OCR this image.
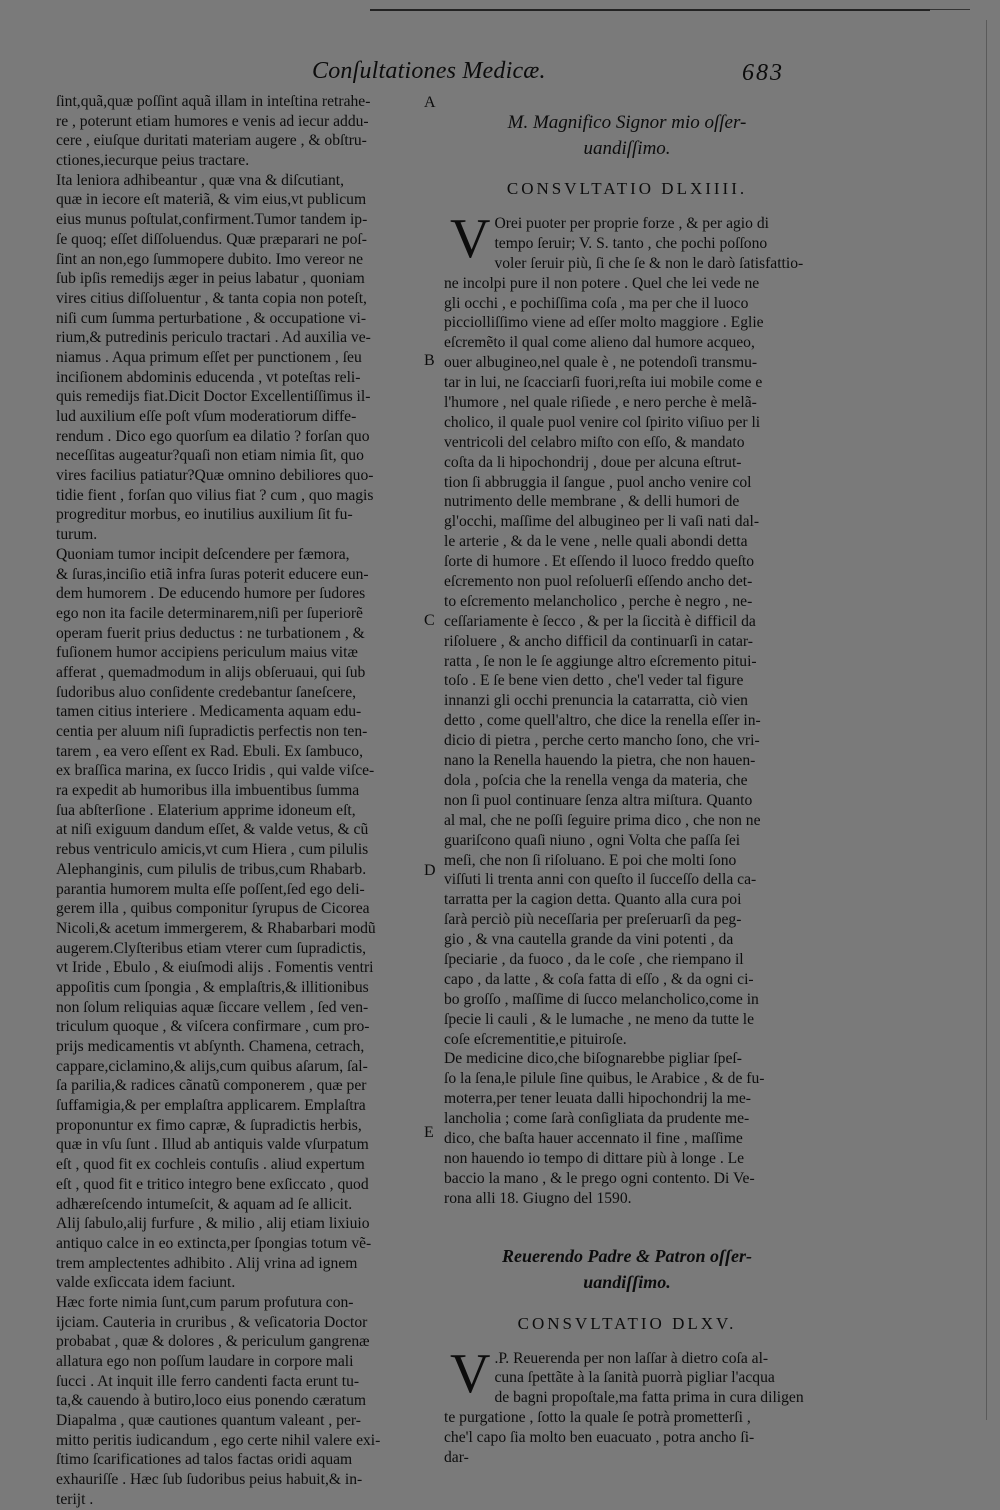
Conſultationes Medicæ.	683
ſint,quã,quæ poſſint aquã illam in inteſtina retrahe-
re , poterunt etiam humores e venis ad iecur addu-
cere , eiuſque duritati materiam augere , & obſtru-
ctiones,iecurque peius tractare.
Ita leniora adhibeantur , quæ vna & diſcutiant,
quæ in iecore eſt materiã, & vim eius,vt publicum
eius munus poſtulat,confirment.Tumor tandem ip-
ſe quoq; eſſet diſſoluendus. Quæ præparari ne poſ-
ſint an non,ego ſummopere dubito. Imo vereor ne
ſub ipſis remedijs æger in peius labatur , quoniam
vires citius diſſoluentur , & tanta copia non poteſt,
niſi cum ſumma perturbatione , & occupatione vi-
rium,& putredinis periculo tractari . Ad auxilia ve-
niamus . Aqua primum eſſet per punctionem , ſeu
inciſionem abdominis educenda , vt poteſtas reli-
quis remedijs fiat.Dicit Doctor Excellentiſſimus il-
lud auxilium eſſe poſt vſum moderatiorum diffe-
rendum . Dico ego quorſum ea dilatio ? forſan quo
neceſſitas augeatur?quaſi non etiam nimia ſit, quo
vires facilius patiatur?Quæ omnino debiliores quo-
tidie fient , forſan quo vilius fiat ? cum , quo magis
progreditur morbus, eo inutilius auxilium ſit fu-
turum.
Quoniam tumor incipit deſcendere per fæmora,
& ſuras,inciſio etiã infra ſuras poterit educere eun-
dem humorem . De educendo humore per ſudores
ego non ita facile determinarem,niſi per ſuperiorẽ
operam fuerit prius deductus : ne turbationem , &
fuſionem humor accipiens periculum maius vitæ
afferat , quemadmodum in alijs obſeruaui, qui ſub
ſudoribus aluo conſidente credebantur ſaneſcere,
tamen citius interiere . Medicamenta aquam edu-
centia per aluum niſi ſupradictis perfectis non ten-
tarem , ea vero eſſent ex Rad. Ebuli. Ex ſambuco,
ex braſſica marina, ex ſucco Iridis , qui valde viſce-
ra expedit ab humoribus illa imbuentibus ſumma
ſua abſterſione . Elaterium apprime idoneum eſt,
at niſi exiguum dandum eſſet, & valde vetus, & cũ
rebus ventriculo amicis,vt cum Hiera , cum pilulis
Alephanginis, cum pilulis de tribus,cum Rhabarb.
parantia humorem multa eſſe poſſent,ſed ego deli-
gerem illa , quibus componitur ſyrupus de Cicorea
Nicoli,& acetum immergerem, & Rhabarbari modũ
augerem.Clyſteribus etiam vterer cum ſupradictis,
vt Iride , Ebulo , & eiuſmodi alijs . Fomentis ventri
appoſitis cum ſpongia , & emplaſtris,& illitionibus
non ſolum reliquias aquæ ſiccare vellem , ſed ven-
triculum quoque , & viſcera confirmare , cum pro-
prijs medicamentis vt abſynth. Chamena, cetrach,
cappare,ciclamino,& alijs,cum quibus aſarum, ſal-
ſa parilia,& radices cãnatũ componerem , quæ per
ſuffamigia,& per emplaſtra applicarem. Emplaſtra
proponuntur ex fimo capræ, & ſupradictis herbis,
quæ in vſu ſunt . Illud ab antiquis valde vſurpatum
eſt , quod fit ex cochleis contuſis . aliud expertum
eſt , quod fit e tritico integro bene exſiccato , quod
adhæreſcendo intumeſcit, & aquam ad ſe allicit.
Alij ſabulo,alij furfure , & milio , alij etiam lixiuio
antiquo calce in eo extincta,per ſpongias totum vẽ-
trem amplectentes adhibito . Alij vrina ad ignem
valde exſiccata idem faciunt.
Hæc forte nimia ſunt,cum parum profutura con-
ijciam. Cauteria in cruribus , & veſicatoria Doctor
probabat , quæ & dolores , & periculum gangrenæ
allatura ego non poſſum laudare in corpore mali
ſucci . At inquit ille ferro candenti facta erunt tu-
ta,& cauendo à butiro,loco eius ponendo cæratum
Diapalma , quæ cautiones quantum valeant , per-
mitto peritis iudicandum , ego certe nihil valere exi-
ſtimo ſcarificationes ad talos factas oridi aquam
exhauriſſe . Hæc ſub ſudoribus peius habuit,& in-
terijt .
A
B
C
D
E
M. Magnifico Signor mio oſſer-
uandiſſimo.
CONSVLTATIO DLXIIII.
V Orei puoter per proprie forze , & per agio di
tempo ſeruir; V. S. tanto , che pochi poſſono
voler ſeruir più, ſi che ſe & non le darò ſatisfattio-
ne incolpi pure il non potere . Quel che lei vede ne
gli occhi , e pochiſſima coſa , ma per che il luoco
picciolliſſimo viene ad eſſer molto maggiore . Eglie
eſcremẽto il qual come alieno dal humore acqueo,
ouer albugineo,nel quale è , ne potendoſi transmu-
tar in lui, ne ſcacciarſi fuori,reſta iui mobile come e
l'humore , nel quale riſiede , e nero perche è melã-
cholico, il quale puol venire col ſpirito viſiuo per li
ventricoli del celabro miſto con eſſo, & mandato
coſta da li hipochondrij , doue per alcuna eſtrut-
tion ſi abbruggia il ſangue , puol ancho venire col
nutrimento delle membrane , & delli humori de
gl'occhi, maſſime del albugineo per li vaſi nati dal-
le arterie , & da le vene , nelle quali abondi detta
ſorte di humore . Et eſſendo il luoco freddo queſto
eſcremento non puol reſoluerſi eſſendo ancho det-
to eſcremento melancholico , perche è negro , ne-
ceſſariamente è ſecco , & per la ſiccità è difficil da
riſoluere , & ancho difficil da continuarſi in catar-
ratta , ſe non le ſe aggiunge altro eſcremento pitui-
toſo . E ſe bene vien detto , che'l veder tal figure
innanzi gli occhi prenuncia la catarratta, ciò vien
detto , come quell'altro, che dice la renella eſſer in-
dicio di pietra , perche certo mancho ſono, che vri-
nano la Renella hauendo la pietra, che non hauen-
dola , poſcia che la renella venga da materia, che
non ſi puol continuare ſenza altra miſtura. Quanto
al mal, che ne poſſi ſeguire prima dico , che non ne
guariſcono quaſi niuno , ogni Volta che paſſa ſei
meſi, che non ſi riſoluano. E poi che molti ſono
viſſuti li trenta anni con queſto il ſucceſſo della ca-
tarratta per la cagion detta. Quanto alla cura poi
ſarà perciò più neceſſaria per preſeruarſi da peg-
gio , & vna cautella grande da vini potenti , da
ſpeciarie , da fuoco , da le coſe , che riempano il
capo , da latte , & coſa fatta di eſſo , & da ogni ci-
bo groſſo , maſſime di ſucco melancholico,come in
ſpecie li cauli , & le lumache , ne meno da tutte le
coſe eſcrementitie,e pituiroſe.
De medicine dico,che biſognarebbe pigliar ſpeſ-
ſo la ſena,le pilule ſine quibus, le Arabice , & de fu-
moterra,per tener leuata dalli hipochondrij la me-
lancholia ; come ſarà conſigliata da prudente me-
dico, che baſta hauer accennato il fine , maſſime
non hauendo io tempo di dittare più à longe . Le
baccio la mano , & le prego ogni contento. Di Ve-
rona alli 18. Giugno del 1590.
Reuerendo Padre & Patron oſſer-
uandiſſimo.
CONSVLTATIO DLXV.
V .P. Reuerenda per non laſſar à dietro coſa al-
cuna ſpettãte à la ſanità puorrà pigliar l'acqua
de bagni propoſtale,ma fatta prima in cura diligen
te purgatione , ſotto la quale ſe potrà prometterſi ,
che'l capo ſia molto ben euacuato , potra ancho ſi-
dar-
